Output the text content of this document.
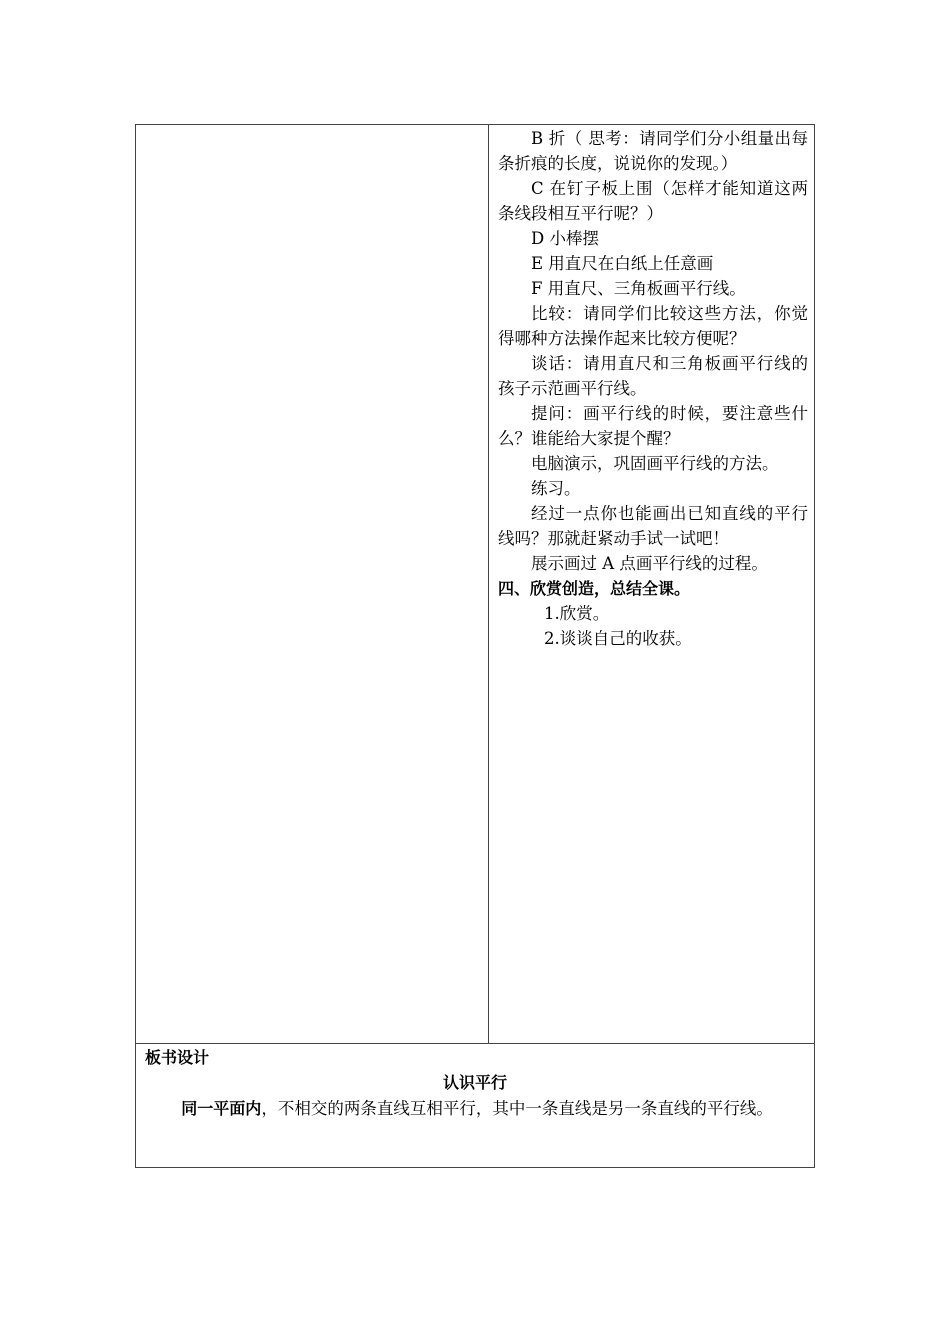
B 折（ 思考：请同学们分小组量出每条折痕的长度，说说你的发现。）

C 在钉子板上围（怎样才能知道这两条线段相互平行呢？）

D 小棒摆

E 用直尺在白纸上任意画

F 用直尺、三角板画平行线。

比较：请同学们比较这些方法，你觉得哪种方法操作起来比较方便呢？

谈话：请用直尺和三角板画平行线的孩子示范画平行线。

提问：画平行线的时候，要注意些什么？谁能给大家提个醒？

电脑演示，巩固画平行线的方法。

练习。

经过一点你也能画出已知直线的平行线吗？那就赶紧动手试一试吧！

展示画过 A 点画平行线的过程。

四、欣赏创造，总结全课。

1.欣赏。

2.谈谈自己的收获。

板书设计
认识平行

同一平面内，不相交的两条直线互相平行，其中一条直线是另一条直线的平行线。
